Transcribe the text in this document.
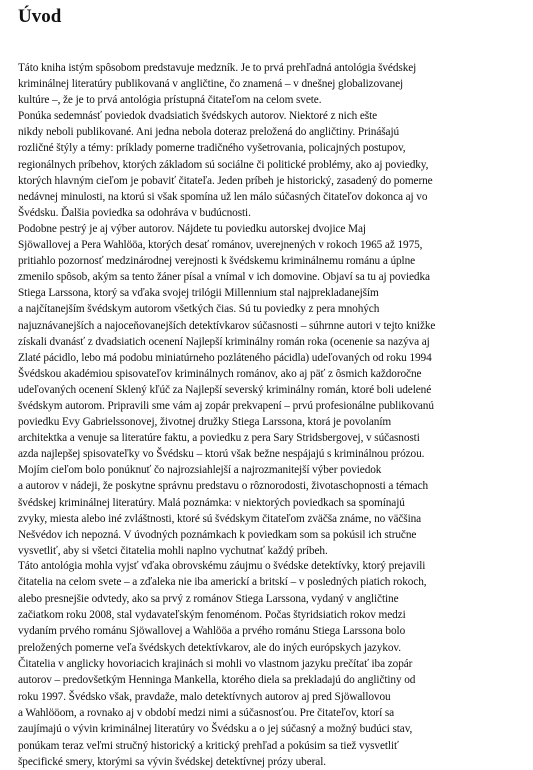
Úvod
Táto kniha istým spôsobom predstavuje medzník. Je to prvá prehľadná antológia švédskej
kriminálnej literatúry publikovaná v angličtine, čo znamená – v dnešnej globalizovanej
kultúre –, že je to prvá antológia prístupná čitateľom na celom svete.
Ponúka sedemnásť poviedok dvadsiatich švédskych autorov. Niektoré z nich ešte
nikdy neboli publikované. Ani jedna nebola doteraz preložená do angličtiny. Prinášajú
rozličné štýly a témy: príklady pomerne tradičného vyšetrovania, policajných postupov,
regionálnych príbehov, ktorých základom sú sociálne či politické problémy, ako aj poviedky,
ktorých hlavným cieľom je pobaviť čitateľa. Jeden príbeh je historický, zasadený do pomerne
nedávnej minulosti, na ktorú si však spomína už len málo súčasných čitateľov dokonca aj vo
Švédsku. Ďalšia poviedka sa odohráva v budúcnosti.
Podobne pestrý je aj výber autorov. Nájdete tu poviedku autorskej dvojice Maj
Sjöwallovej a Pera Wahlööa, ktorých desať románov, uverejnených v rokoch 1965 až 1975,
pritiahlo pozornosť medzinárodnej verejnosti k švédskemu kriminálnemu románu a úplne
zmenilo spôsob, akým sa tento žáner písal a vnímal v ich domovine. Objaví sa tu aj poviedka
Stiega Larssona, ktorý sa vďaka svojej trilógii Millennium stal najprekladanejším
a najčítanejším švédskym autorom všetkých čias. Sú tu poviedky z pera mnohých
najuznávanejších a najoceňovanejších detektívkarov súčasnosti – súhrnne autori v tejto knižke
získali dvanásť z dvadsiatich ocenení Najlepší kriminálny román roka (ocenenie sa nazýva aj
Zlaté pácidlo, lebo má podobu miniatúrneho pozláteného pácidla) udeľovaných od roku 1994
Švédskou akadémiou spisovateľov kriminálnych románov, ako aj päť z ôsmich každoročne
udeľovaných ocenení Sklený kľúč za Najlepší severský kriminálny román, ktoré boli udelené
švédskym autorom. Pripravili sme vám aj zopár prekvapení – prvú profesionálne publikovanú
poviedku Evy Gabrielssonovej, životnej družky Stiega Larssona, ktorá je povolaním
architektka a venuje sa literatúre faktu, a poviedku z pera Sary Stridsbergovej, v súčasnosti
azda najlepšej spisovateľky vo Švédsku – ktorú však bežne nespájajú s kriminálnou prózou.
Mojím cieľom bolo ponúknuť čo najrozsiahlejší a najrozmanitejší výber poviedok
a autorov v nádeji, že poskytne správnu predstavu o rôznorodosti, životaschopnosti a témach
švédskej kriminálnej literatúry. Malá poznámka: v niektorých poviedkach sa spomínajú
zvyky, miesta alebo iné zvláštnosti, ktoré sú švédskym čitateľom zväčša známe, no väčšina
Nešvédov ich nepozná. V úvodných poznámkach k poviedkam som sa pokúsil ich stručne
vysvetliť, aby si všetci čitatelia mohli naplno vychutnať každý príbeh.
Táto antológia mohla vyjsť vďaka obrovskému záujmu o švédske detektívky, ktorý prejavili
čitatelia na celom svete – a zďaleka nie iba americkí a britskí – v posledných piatich rokoch,
alebo presnejšie odvtedy, ako sa prvý z románov Stiega Larssona, vydaný v angličtine
začiatkom roku 2008, stal vydavateľským fenoménom. Počas štyridsiatich rokov medzi
vydaním prvého románu Sjöwallovej a Wahlööa a prvého románu Stiega Larssona bolo
preložených pomerne veľa švédskych detektívkarov, ale do iných európskych jazykov.
Čitatelia v anglicky hovoriacich krajinách si mohli vo vlastnom jazyku prečítať iba zopár
autorov – predovšetkým Henninga Mankella, ktorého diela sa prekladajú do angličtiny od
roku 1997. Švédsko však, pravdaže, malo detektívnych autorov aj pred Sjöwallovou
a Wahlööom, a rovnako aj v období medzi nimi a súčasnosťou. Pre čitateľov, ktorí sa
zaujímajú o vývin kriminálnej literatúry vo Švédsku a o jej súčasný a možný budúci stav,
ponúkam teraz veľmi stručný historický a kritický prehľad a pokúsim sa tiež vysvetliť
špecifické smery, ktorými sa vývin švédskej detektívnej prózy uberal.
